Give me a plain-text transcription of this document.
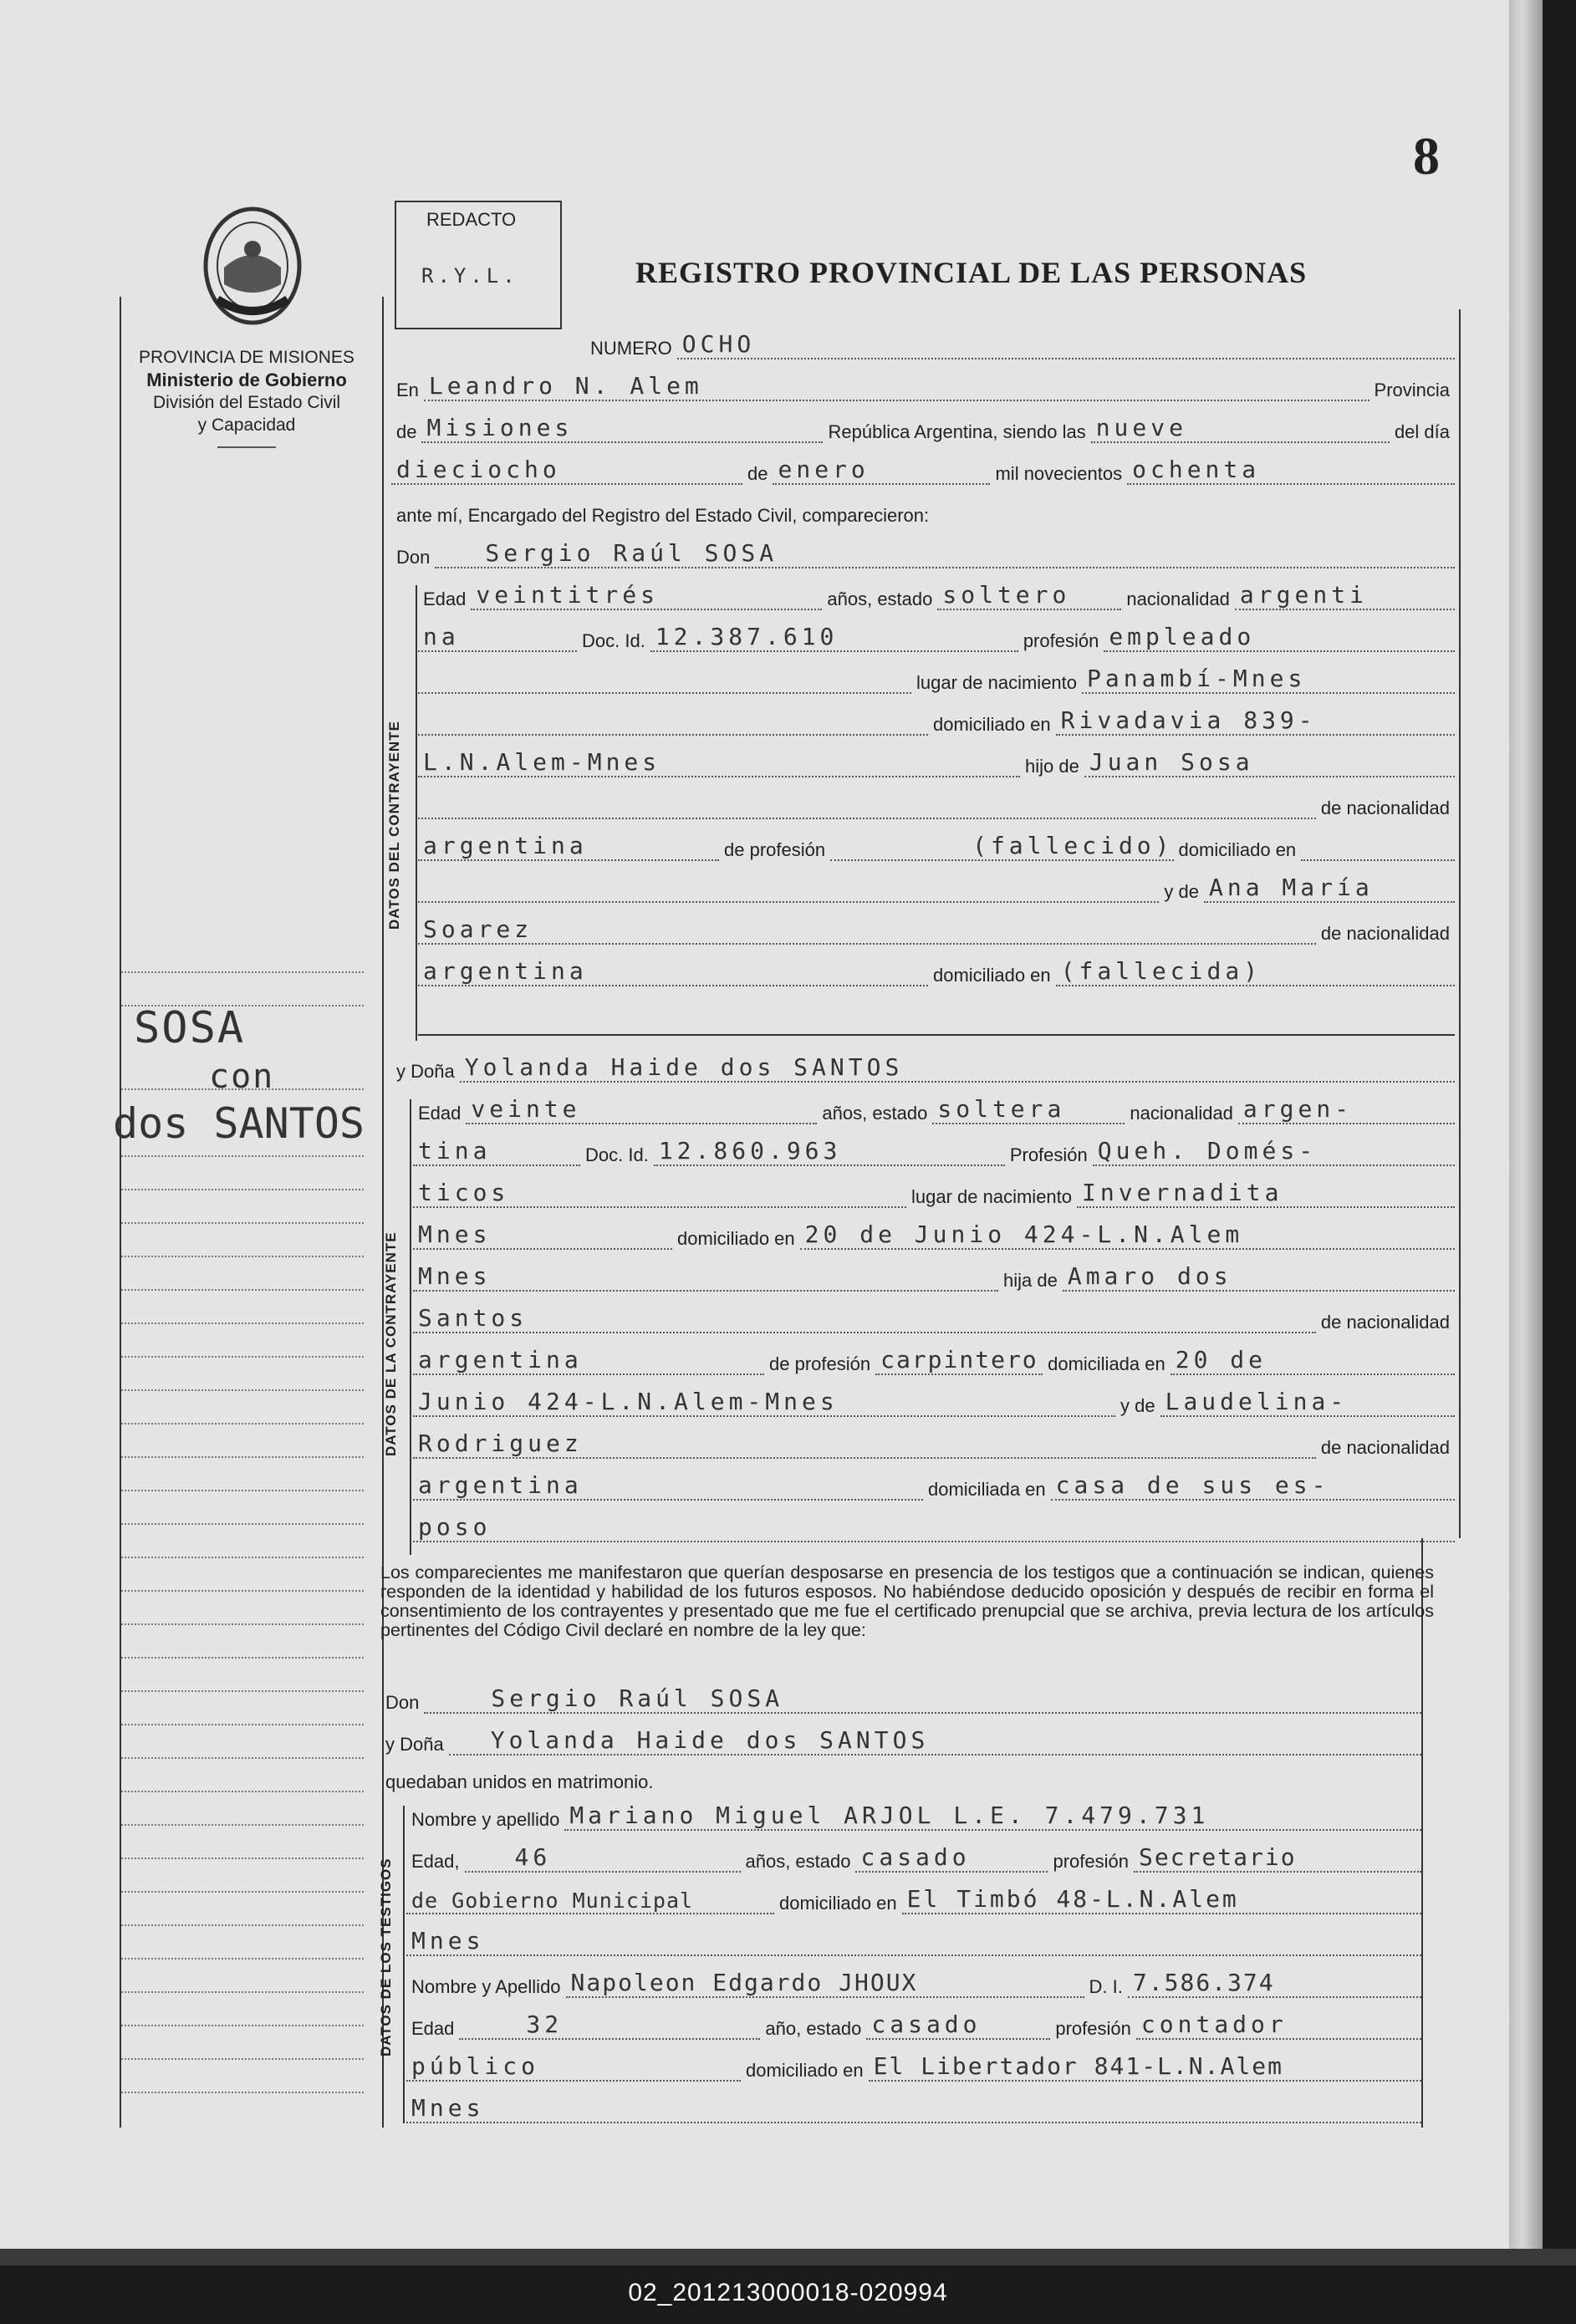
02_201213000018-020994
8
REDACTO
R.Y.L.	REGISTRO PROVINCIAL DE LAS PERSONAS
PROVINCIA DE MISIONES
Ministerio de Gobierno
División del Estado Civil
y Capacidad
DATOS DEL CONTRAYENTE
DATOS DE LA CONTRAYENTE
DATOS DE LOS TESTIGOS
SOSA
con
dos SANTOS
NUMERO OCHO
En Leandro N. Alem	Provincia
de Misiones	República Argentina, siendo las nueve	del día
dieciocho	de enero	mil novecientos ochenta
ante mí, Encargado del Registro del Estado Civil, comparecieron:
Don	Sergio Raúl SOSA
Edad veintitrés	años, estado soltero	nacionalidad argenti
na	Doc. Id. 12.387.610	profesión empleado
lugar de nacimiento Panambí-Mnes
domiciliado en Rivadavia 839-
L.N.Alem-Mnes	hijo de Juan Sosa
de nacionalidad
argentina	de profesión	(fallecido) domiciliado en
y de Ana María
Soarez	de nacionalidad
argentina	domiciliado en (fallecida)
y Doña Yolanda Haide dos SANTOS
Edad veinte	años, estado soltera	nacionalidad argen-
tina	Doc. Id. 12.860.963	Profesión Queh. Domés-
ticos	lugar de nacimiento Invernadita
Mnes	domiciliado en 20 de Junio 424-L.N.Alem
Mnes	hija de Amaro dos
Santos	de nacionalidad
argentina	de profesión carpintero domiciliada en 20 de
Junio 424-L.N.Alem-Mnes	y de Laudelina-
Rodriguez	de nacionalidad
argentina	domiciliada en casa de sus es-
poso
Los comparecientes me manifestaron que querían desposarse en presencia de los testigos que a continuación se indican, quienes responden de la identidad y habilidad de los futuros esposos. No habiéndose deducido oposición y después de recibir en forma el consentimiento de los contrayentes y presentado que me fue el certificado prenupcial que se archiva, previa lectura de los artículos pertinentes del Código Civil declaré en nombre de la ley que:
Don	Sergio Raúl SOSA
y Doña	Yolanda Haide dos SANTOS
quedaban unidos en matrimonio.
Nombre y apellido Mariano Miguel ARJOL L.E. 7.479.731
Edad,	46	años, estado casado	profesión Secretario
de Gobierno Municipal	domiciliado en El Timbó 48-L.N.Alem
Mnes
Nombre y Apellido Napoleon Edgardo JHOUX	D. I. 7.586.374
Edad	32	año, estado casado	profesión contador
público	domiciliado en El Libertador 841-L.N.Alem
Mnes
